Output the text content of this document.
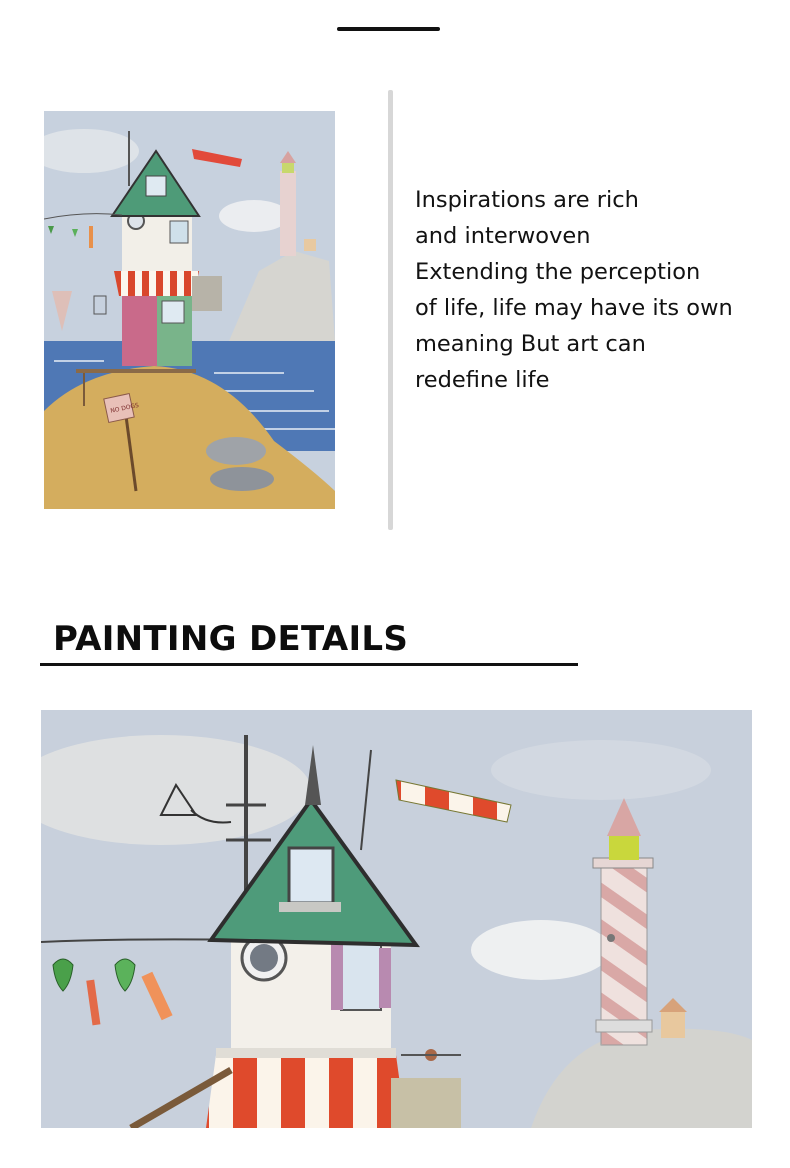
NO DOGS
Inspirations are rich
and interwoven
Extending the perception
of life, life may have its own
meaning But art can
redefine life
PAINTING DETAILS
